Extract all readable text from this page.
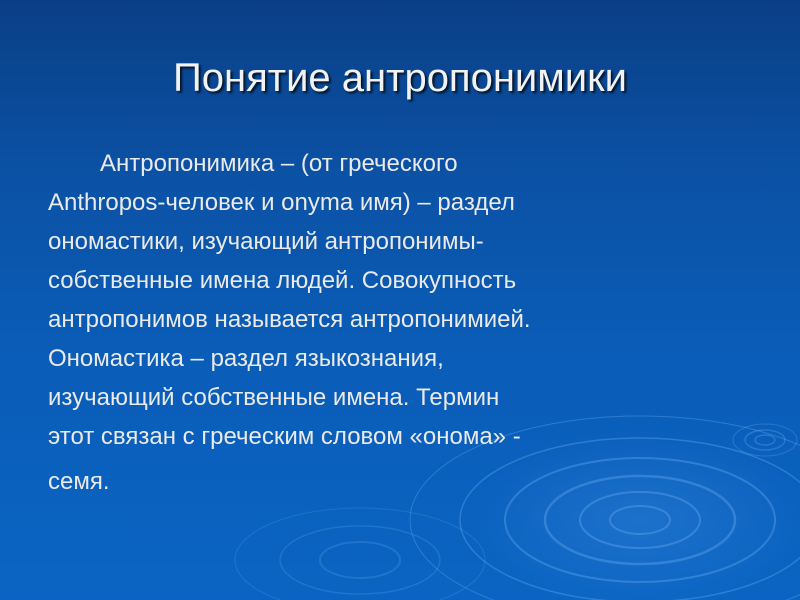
Понятие антропонимики

Антропонимика – (от греческого
Anthropos-человек и onyma имя) – раздел
ономастики, изучающий антропонимы-
собственные имена людей. Совокупность
антропонимов называется антропонимией.
Ономастика – раздел языкознания,
изучающий собственные имена. Термин
этот связан с греческим словом «онома» -
семя.
